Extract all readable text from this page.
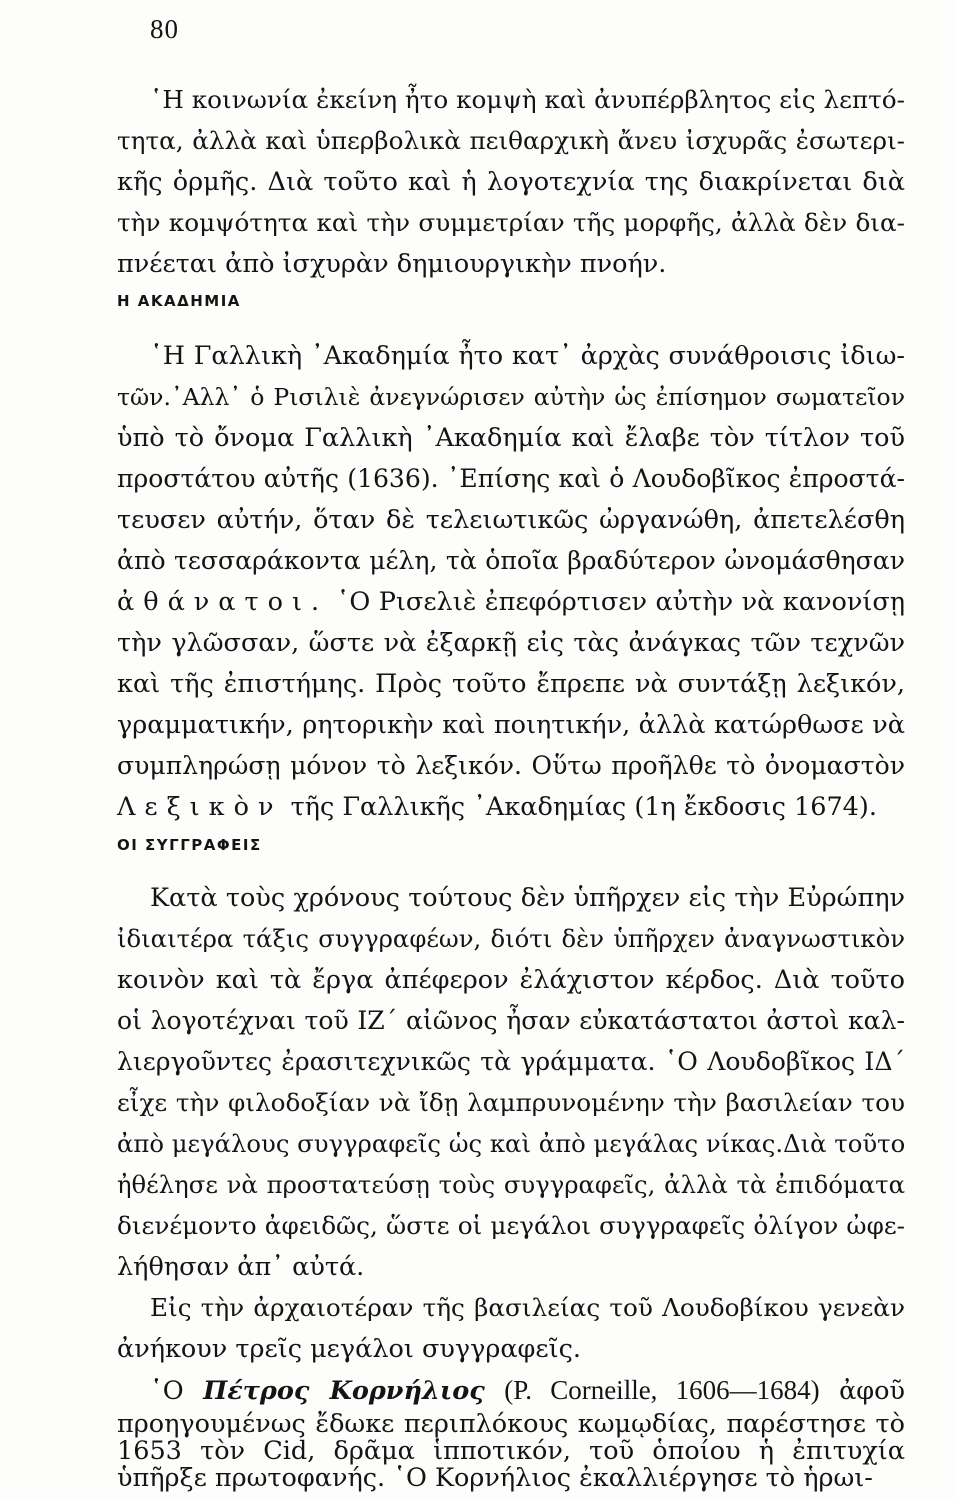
80
῾Η κοινωνία ἐκείνη ἦτο κομψὴ καὶ ἀνυπέρβλητος εἰς λεπτό-
τητα, ἀλλὰ καὶ ὑπερβολικὰ πειθαρχικὴ ἄνευ ἰσχυρᾶς ἐσωτερι-
κῆς ὁρμῆς. Διὰ τοῦτο καὶ ἡ λογοτεχνία της διακρίνεται διὰ
τὴν κομψότητα καὶ τὴν συμμετρίαν τῆς μορφῆς, ἀλλὰ δὲν δια-
πνέεται ἀπὸ ἰσχυρὰν δημιουργικὴν πνοήν.
Η ΑΚΑΔΗΜΙΑ
῾Η Γαλλικὴ ᾿Ακαδημία ἦτο κατ᾿ ἀρχὰς συνάθροισις ἰδιω-
τῶν.᾿Αλλ᾿ ὁ Ρισιλιὲ ἀνεγνώρισεν αὐτὴν ὡς ἐπίσημον σωματεῖον
ὑπὸ τὸ ὄνομα Γαλλικὴ ᾿Ακαδημία καὶ ἔλαβε τὸν τίτλον τοῦ
προστάτου αὐτῆς (1636). ᾿Επίσης καὶ ὁ Λουδοβῖκος ἐπροστά-
τευσεν αὐτήν, ὅταν δὲ τελειωτικῶς ὠργανώθη, ἀπετελέσθη
ἀπὸ τεσσαράκοντα μέλη, τὰ ὁποῖα βραδύτερον ὠνομάσθησαν
ἀθάνατοι. ῾Ο Ρισελιὲ ἐπεφόρτισεν αὐτὴν νὰ κανονίσῃ
τὴν γλῶσσαν, ὥστε νὰ ἐξαρκῇ εἰς τὰς ἀνάγκας τῶν τεχνῶν
καὶ τῆς ἐπιστήμης. Πρὸς τοῦτο ἔπρεπε νὰ συντάξῃ λεξικόν,
γραμματικήν, ρητορικὴν καὶ ποιητικήν, ἀλλὰ κατώρθωσε νὰ
συμπληρώσῃ μόνον τὸ λεξικόν. Οὕτω προῆλθε τὸ ὀνομαστὸν
Λεξικὸν τῆς Γαλλικῆς ᾿Ακαδημίας (1η ἔκδοσις 1674).
ΟΙ ΣΥΓΓΡΑΦΕΙΣ
Κατὰ τοὺς χρόνους τούτους δὲν ὑπῆρχεν εἰς τὴν Εὐρώπην
ἰδιαιτέρα τάξις συγγραφέων, διότι δὲν ὑπῆρχεν ἀναγνωστικὸν
κοινὸν καὶ τὰ ἔργα ἀπέφερον ἐλάχιστον κέρδος. Διὰ τοῦτο
οἱ λογοτέχναι τοῦ ΙΖ´ αἰῶνος ἦσαν εὐκατάστατοι ἀστοὶ καλ-
λιεργοῦντες ἐρασιτεχνικῶς τὰ γράμματα. ῾Ο Λουδοβῖκος ΙΔ´
εἶχε τὴν φιλοδοξίαν νὰ ἴδῃ λαμπρυνομένην τὴν βασιλείαν του
ἀπὸ μεγάλους συγγραφεῖς ὡς καὶ ἀπὸ μεγάλας νίκας.Διὰ τοῦτο
ἠθέλησε νὰ προστατεύσῃ τοὺς συγγραφεῖς, ἀλλὰ τὰ ἐπιδόματα
διενέμοντο ἀφειδῶς, ὥστε οἱ μεγάλοι συγγραφεῖς ὀλίγον ὠφε-
λήθησαν ἀπ᾿ αὐτά.
Εἰς τὴν ἀρχαιοτέραν τῆς βασιλείας τοῦ Λουδοβίκου γενεὰν
ἀνήκουν τρεῖς μεγάλοι συγγραφεῖς.
῾Ο Πέτρος Κορνήλιος (P. Corneille, 1606—1684) ἀφοῦ
προηγουμένως ἔδωκε περιπλόκους κωμῳδίας, παρέστησε τὸ
1653 τὸν Cid, δρᾶμα ἱπποτικόν, τοῦ ὁποίου ἡ ἐπιτυχία
ὑπῆρξε πρωτοφανής. ῾Ο Κορνήλιος ἐκαλλιέργησε τὸ ἡρωι-
